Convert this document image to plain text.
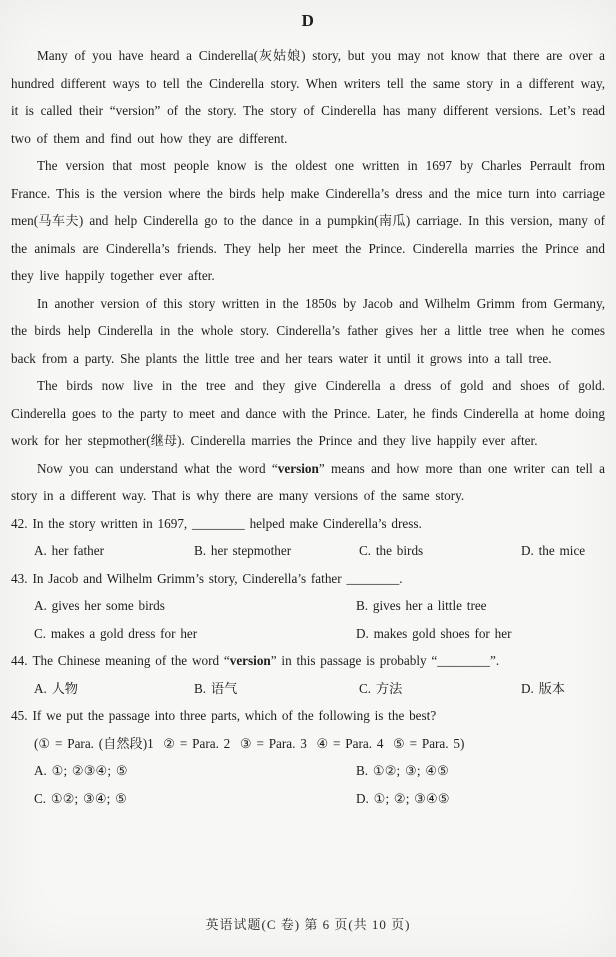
D

Many of you have heard a Cinderella(灰姑娘) story, but you may not know that there are over a hundred different ways to tell the Cinderella story. When writers tell the same story in a different way, it is called their “version” of the story. The story of Cinderella has many different versions. Let’s read two of them and find out how they are different.

The version that most people know is the oldest one written in 1697 by Charles Perrault from France. This is the version where the birds help make Cinderella’s dress and the mice turn into carriage men(马车夫) and help Cinderella go to the dance in a pumpkin(南瓜) carriage. In this version, many of the animals are Cinderella’s friends. They help her meet the Prince. Cinderella marries the Prince and they live happily together ever after.

In another version of this story written in the 1850s by Jacob and Wilhelm Grimm from Germany, the birds help Cinderella in the whole story. Cinderella’s father gives her a little tree when he comes back from a party. She plants the little tree and her tears water it until it grows into a tall tree.

The birds now live in the tree and they give Cinderella a dress of gold and shoes of gold. Cinderella goes to the party to meet and dance with the Prince. Later, he finds Cinderella at home doing work for her stepmother(继母). Cinderella marries the Prince and they live happily ever after.

Now you can understand what the word “version” means and how more than one writer can tell a story in a different way. That is why there are many versions of the same story.

42. In the story written in 1697, ________ helped make Cinderella’s dress.
A. her father	B. her stepmother	C. the birds	D. the mice
43. In Jacob and Wilhelm Grimm’s story, Cinderella’s father ________.
A. gives her some birds	B. gives her a little tree
C. makes a gold dress for her	D. makes gold shoes for her
44. The Chinese meaning of the word “version” in this passage is probably “________”.
A. 人物	B. 语气	C. 方法	D. 版本
45. If we put the passage into three parts, which of the following is the best?
(① = Para. (自然段)1  ② = Para. 2  ③ = Para. 3  ④ = Para. 4  ⑤ = Para. 5)
A. ①; ②③④; ⑤	B. ①②; ③; ④⑤
C. ①②; ③④; ⑤	D. ①; ②; ③④⑤
英语试题(C 卷) 第 6 页(共 10 页)
